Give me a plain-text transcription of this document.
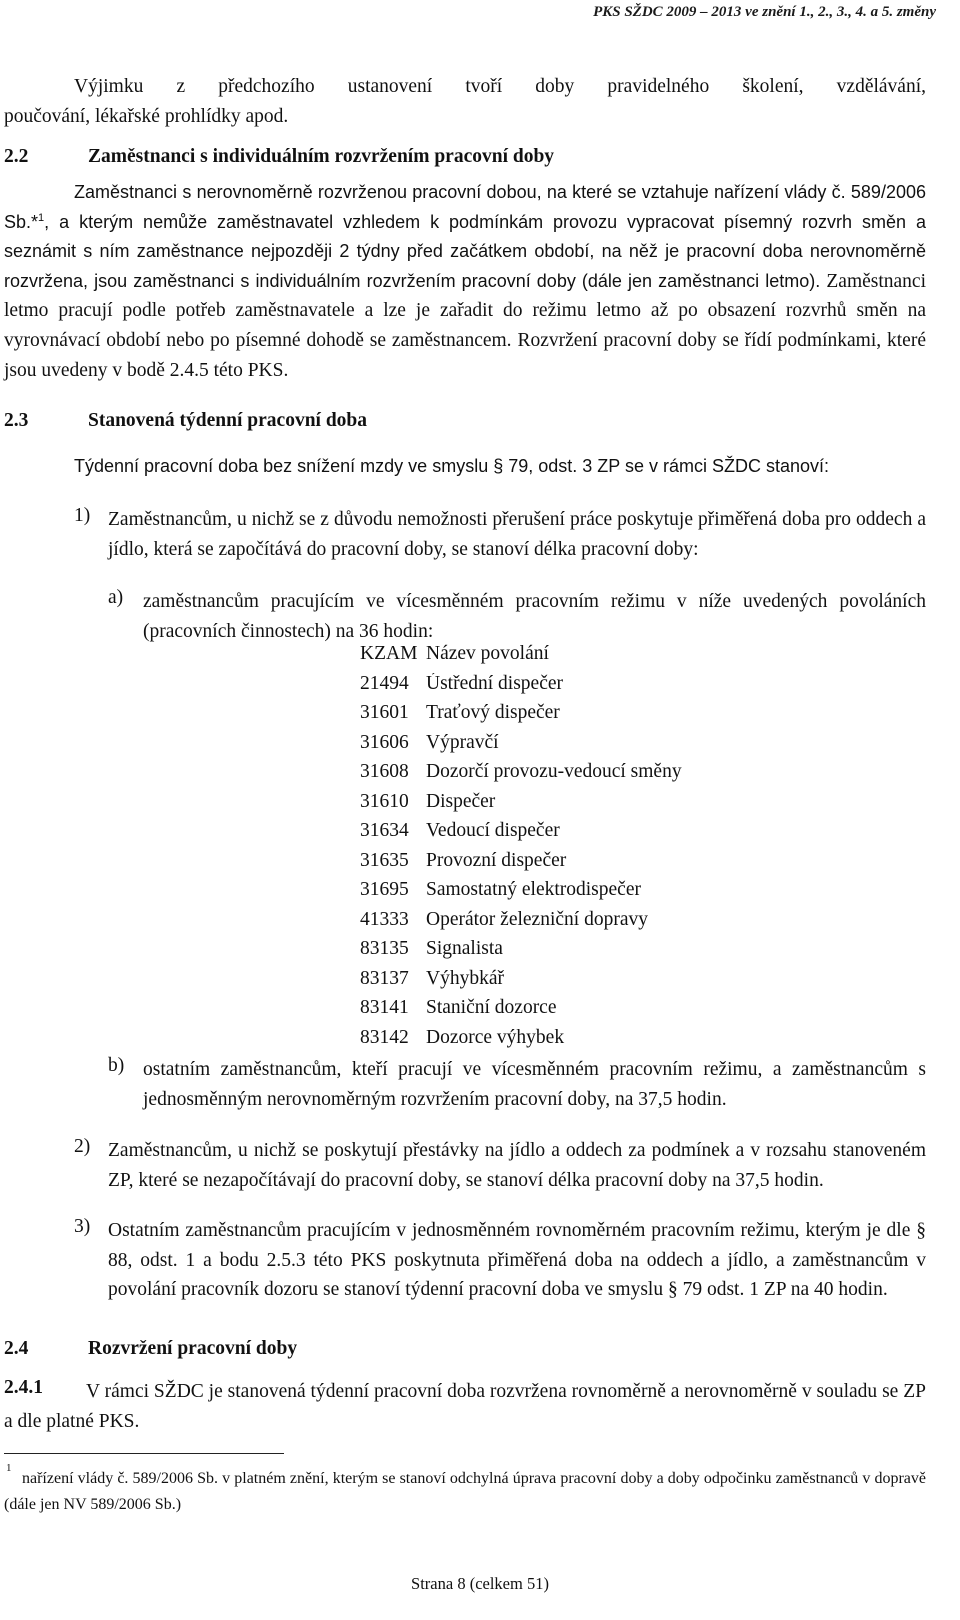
PKS SŽDC 2009 – 2013 ve znění 1., 2., 3., 4. a 5. změny
Výjimku z předchozího ustanovení tvoří doby pravidelného školení, vzdělávání,
poučování, lékařské prohlídky apod.
2.2	Zaměstnanci s individuálním rozvržením pracovní doby
Zaměstnanci s nerovnoměrně rozvrženou pracovní dobou, na které se vztahuje nařízení vlády č. 589/2006 Sb.*$^1$, a kterým nemůže zaměstnavatel vzhledem k podmínkám provozu vypracovat písemný rozvrh směn a seznámit s ním zaměstnance nejpozději 2 týdny před začátkem období, na něž je pracovní doba nerovnoměrně rozvržena, jsou zaměstnanci s individuálním rozvržením pracovní doby (dále jen zaměstnanci letmo). Zaměstnanci letmo pracují podle potřeb zaměstnavatele a lze je zařadit do režimu letmo až po obsazení rozvrhů směn na vyrovnávací období nebo po písemné dohodě se zaměstnancem. Rozvržení pracovní doby se řídí podmínkami, které jsou uvedeny v bodě 2.4.5 této PKS.
2.3	Stanovená týdenní pracovní doba
Týdenní pracovní doba bez snížení mzdy ve smyslu § 79, odst. 3 ZP se v rámci SŽDC stanoví:
1) Zaměstnancům, u nichž se z důvodu nemožnosti přerušení práce poskytuje přiměřená doba pro oddech a jídlo, která se započítává do pracovní doby, se stanoví délka pracovní doby:
a) zaměstnancům pracujícím ve vícesměnném pracovním režimu v níže uvedených povoláních (pracovních činnostech) na 36 hodin:
KZAM Název povolání
21494 Ústřední dispečer
31601 Traťový dispečer
31606 Výpravčí
31608 Dozorčí provozu-vedoucí směny
31610 Dispečer
31634 Vedoucí dispečer
31635 Provozní dispečer
31695 Samostatný elektrodispečer
41333 Operátor železniční dopravy
83135 Signalista
83137 Výhybkář
83141 Staniční dozorce
83142 Dozorce výhybek
b) ostatním zaměstnancům, kteří pracují ve vícesměnném pracovním režimu, a zaměstnancům s jednosměnným nerovnoměrným rozvržením pracovní doby, na 37,5 hodin.
2) Zaměstnancům, u nichž se poskytují přestávky na jídlo a oddech za podmínek a v rozsahu stanoveném ZP, které se nezapočítávají do pracovní doby, se stanoví délka pracovní doby na 37,5 hodin.
3) Ostatním zaměstnancům pracujícím v jednosměnném rovnoměrném pracovním režimu, kterým je dle § 88, odst. 1 a bodu 2.5.3 této PKS poskytnuta přiměřená doba na oddech a jídlo, a zaměstnancům v povolání pracovník dozoru se stanoví týdenní pracovní doba ve smyslu § 79 odst. 1 ZP na 40 hodin.
2.4	Rozvržení pracovní doby
2.4.1	V rámci SŽDC je stanovená týdenní pracovní doba rozvržena rovnoměrně a nerovnoměrně v souladu se ZP a dle platné PKS.
1
nařízení vlády č. 589/2006 Sb. v platném znění, kterým se stanoví odchylná úprava pracovní doby a doby odpočinku zaměstnanců v dopravě (dále jen NV 589/2006 Sb.)
Strana 8 (celkem 51)
